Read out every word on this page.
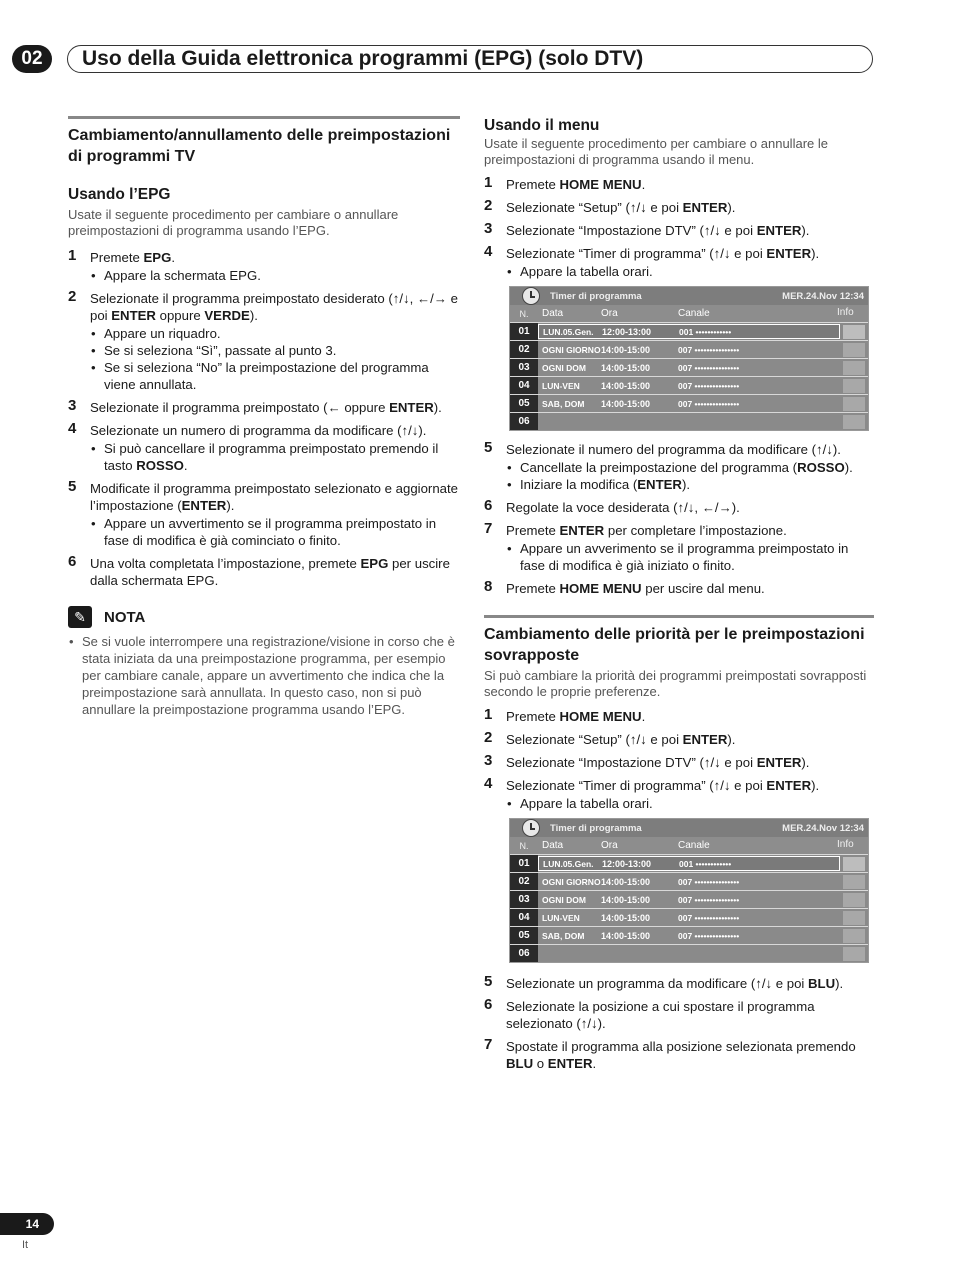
02	Uso della Guida elettronica programmi (EPG) (solo DTV)
Cambiamento/annullamento delle preimpostazioni di programmi TV
Usando l’EPG
Usate il seguente procedimento per cambiare o annullare preimpostazioni di programma usando l’EPG.
1 Premete EPG.
• Appare la schermata EPG.
2 Selezionate il programma preimpostato desiderato (↑/↓, ←/→ e poi ENTER oppure VERDE).
• Appare un riquadro.
• Se si seleziona “Sì”, passate al punto 3.
• Se si seleziona “No” la preimpostazione del programma viene annullata.
3 Selezionate il programma preimpostato (← oppure ENTER).
4 Selezionate un numero di programma da modificare (↑/↓).
• Si può cancellare il programma preimpostato premendo il tasto ROSSO.
5 Modificate il programma preimpostato selezionato e aggiornate l’impostazione (ENTER).
• Appare un avvertimento se il programma preimpostato in fase di modifica è già cominciato o finito.
6 Una volta completata l’impostazione, premete EPG per uscire dalla schermata EPG.
✎	NOTA
• Se si vuole interrompere una registrazione/visione in corso che è stata iniziata da una preimpostazione programma, per esempio per cambiare canale, appare un avvertimento che indica che la preimpostazione sarà annullata. In questo caso, non si può annullare la preimpostazione programma usando l’EPG.
Usando il menu
Usate il seguente procedimento per cambiare o annullare le preimpostazioni di programma usando il menu.
1 Premete HOME MENU.
2 Selezionate “Setup” (↑/↓ e poi ENTER).
3 Selezionate “Impostazione DTV” (↑/↓ e poi ENTER).
4 Selezionate “Timer di programma” (↑/↓ e poi ENTER).
• Appare la tabella orari.
Timer di programma	MER.24.Nov 12:34
N.	Data	Ora	Canale	Info
01	LUN.05.Gen. 12:00-13:00	001 ••••••••••••
02	OGNI GIORNO 14:00-15:00	007 •••••••••••••••
03	OGNI DOM	14:00-15:00	007 •••••••••••••••
04	LUN-VEN	14:00-15:00	007 •••••••••••••••
05	SAB, DOM	14:00-15:00	007 •••••••••••••••
06
5 Selezionate il numero del programma da modificare (↑/↓).
• Cancellate la preimpostazione del programma (ROSSO).
• Iniziare la modifica (ENTER).
6 Regolate la voce desiderata (↑/↓, ←/→).
7 Premete ENTER per completare l’impostazione.
• Appare un avverimento se il programma preimpostato in fase di modifica è già iniziato o finito.
8 Premete HOME MENU per uscire dal menu.
Cambiamento delle priorità per le preimpostazioni sovrapposte
Si può cambiare la priorità dei programmi preimpostati sovrapposti secondo le proprie preferenze.
1 Premete HOME MENU.
2 Selezionate “Setup” (↑/↓ e poi ENTER).
3 Selezionate “Impostazione DTV” (↑/↓ e poi ENTER).
4 Selezionate “Timer di programma” (↑/↓ e poi ENTER).
• Appare la tabella orari.
Timer di programma	MER.24.Nov 12:34
N.	Data	Ora	Canale	Info
01	LUN.05.Gen. 12:00-13:00	001 ••••••••••••
02	OGNI GIORNO 14:00-15:00	007 •••••••••••••••
03	OGNI DOM	14:00-15:00	007 •••••••••••••••
04	LUN-VEN	14:00-15:00	007 •••••••••••••••
05	SAB, DOM	14:00-15:00	007 •••••••••••••••
06
5 Selezionate un programma da modificare (↑/↓ e poi BLU).
6 Selezionate la posizione a cui spostare il programma selezionato (↑/↓).
7 Spostate il programma alla posizione selezionata premendo BLU o ENTER.
14
It
